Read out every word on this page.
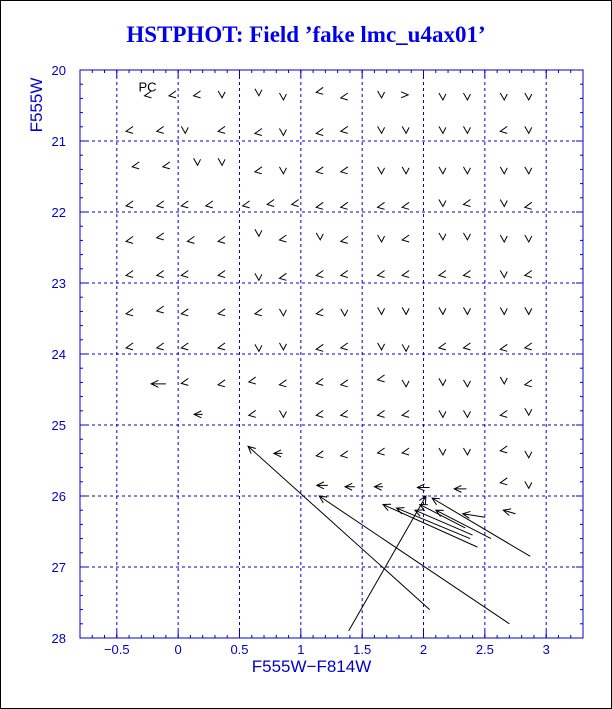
HSTPHOT: Field ’fake lmc_u4ax01’
−0.5	0	0.5	1	1.5	2	2.5	3
20
21
22
23
24
25
26
27
28
PC
F555W−F814W
F555W
